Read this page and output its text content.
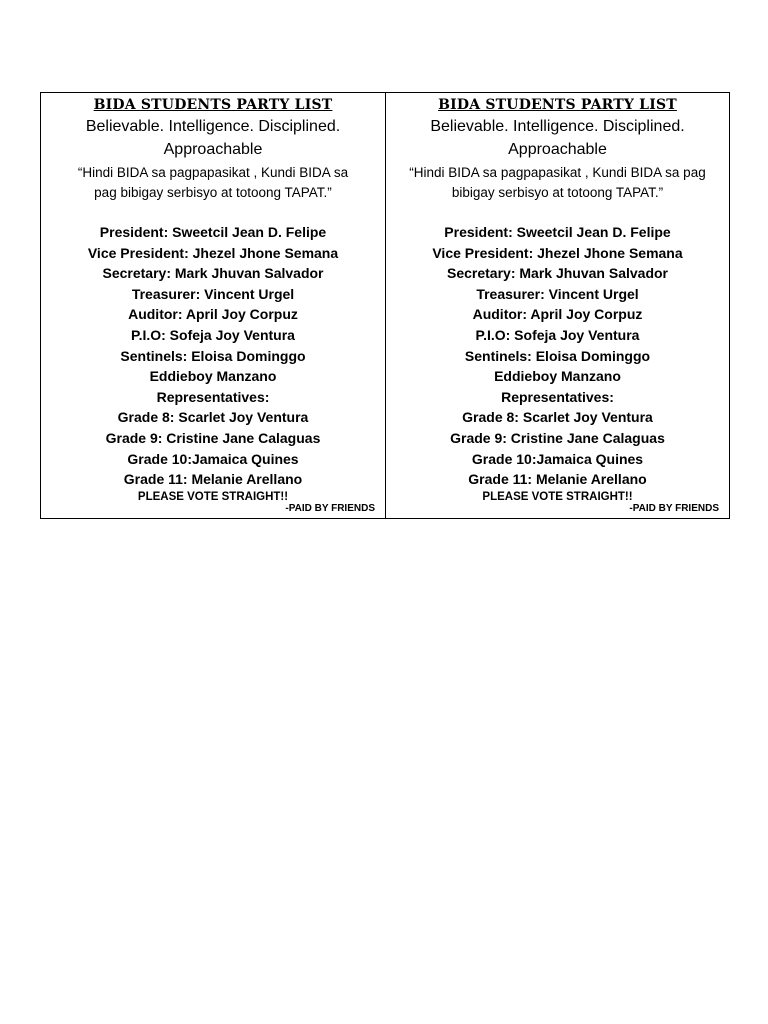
BIDA STUDENTS PARTY LIST
Believable. Intelligence. Disciplined.
Approachable
“Hindi BIDA sa pagpapasikat , Kundi BIDA sa
pag bibigay serbisyo at totoong TAPAT.”
President: Sweetcil Jean D. Felipe
Vice President: Jhezel Jhone Semana
Secretary: Mark Jhuvan Salvador
Treasurer: Vincent Urgel
Auditor: April Joy Corpuz
P.I.O: Sofeja Joy Ventura
Sentinels: Eloisa Dominggo
Eddieboy Manzano
Representatives:
Grade 8: Scarlet Joy Ventura
Grade 9: Cristine Jane Calaguas
Grade 10:Jamaica Quines
Grade 11: Melanie Arellano
PLEASE VOTE STRAIGHT!!
-PAID BY FRIENDS
BIDA STUDENTS PARTY LIST
Believable. Intelligence. Disciplined.
Approachable
“Hindi BIDA sa pagpapasikat , Kundi BIDA sa pag
bibigay serbisyo at totoong TAPAT.”
President: Sweetcil Jean D. Felipe
Vice President: Jhezel Jhone Semana
Secretary: Mark Jhuvan Salvador
Treasurer: Vincent Urgel
Auditor: April Joy Corpuz
P.I.O: Sofeja Joy Ventura
Sentinels: Eloisa Dominggo
Eddieboy Manzano
Representatives:
Grade 8: Scarlet Joy Ventura
Grade 9: Cristine Jane Calaguas
Grade 10:Jamaica Quines
Grade 11: Melanie Arellano
PLEASE VOTE STRAIGHT!!
-PAID BY FRIENDS
